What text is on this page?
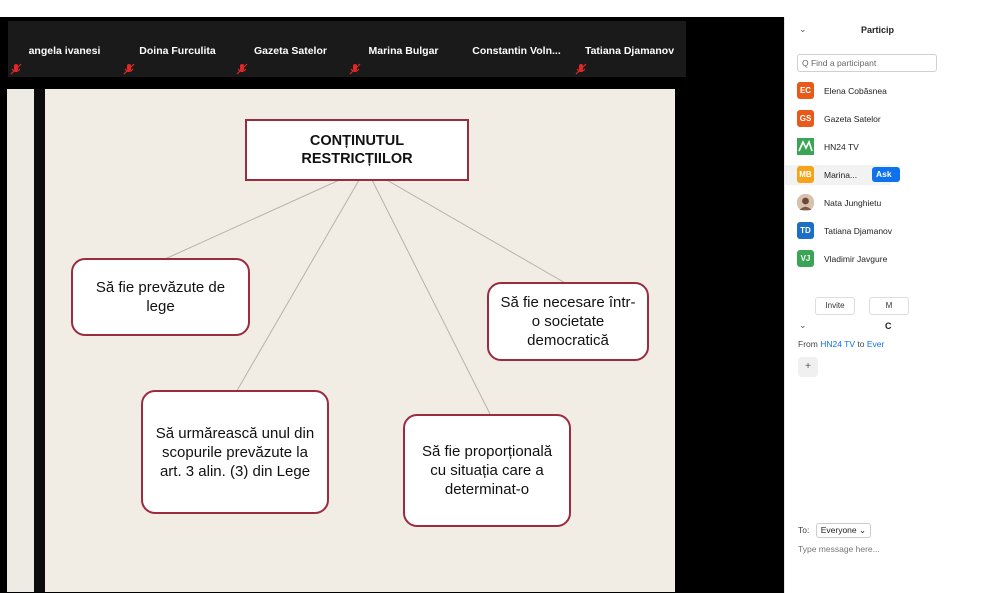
angela ivanesi	Doina Furculita	Gazeta Satelor	Marina Bulgar	Constantin Voln...	Tatiana Djamanov
CONȚINUTUL RESTRICȚIILOR
Să fie prevăzute de lege	Să fie necesare într-o societate democratică
Să urmărească unul din scopurile prevăzute la art. 3 alin. (3) din Lege
Să fie proporțională cu situația care a determinat-o
⌄	Particip
Q Find a participant
EC	Elena Cobăsnea
GS	Gazeta Satelor
HN24 TV
MB Marina...	Ask
Nata Junghietu
TD	Tatiana Djamanov
VJ	Vladimir Javgure
Invite	M
⌄	C
From HN24 TV to Ever
+
To: Everyone ⌄
Type message here...
